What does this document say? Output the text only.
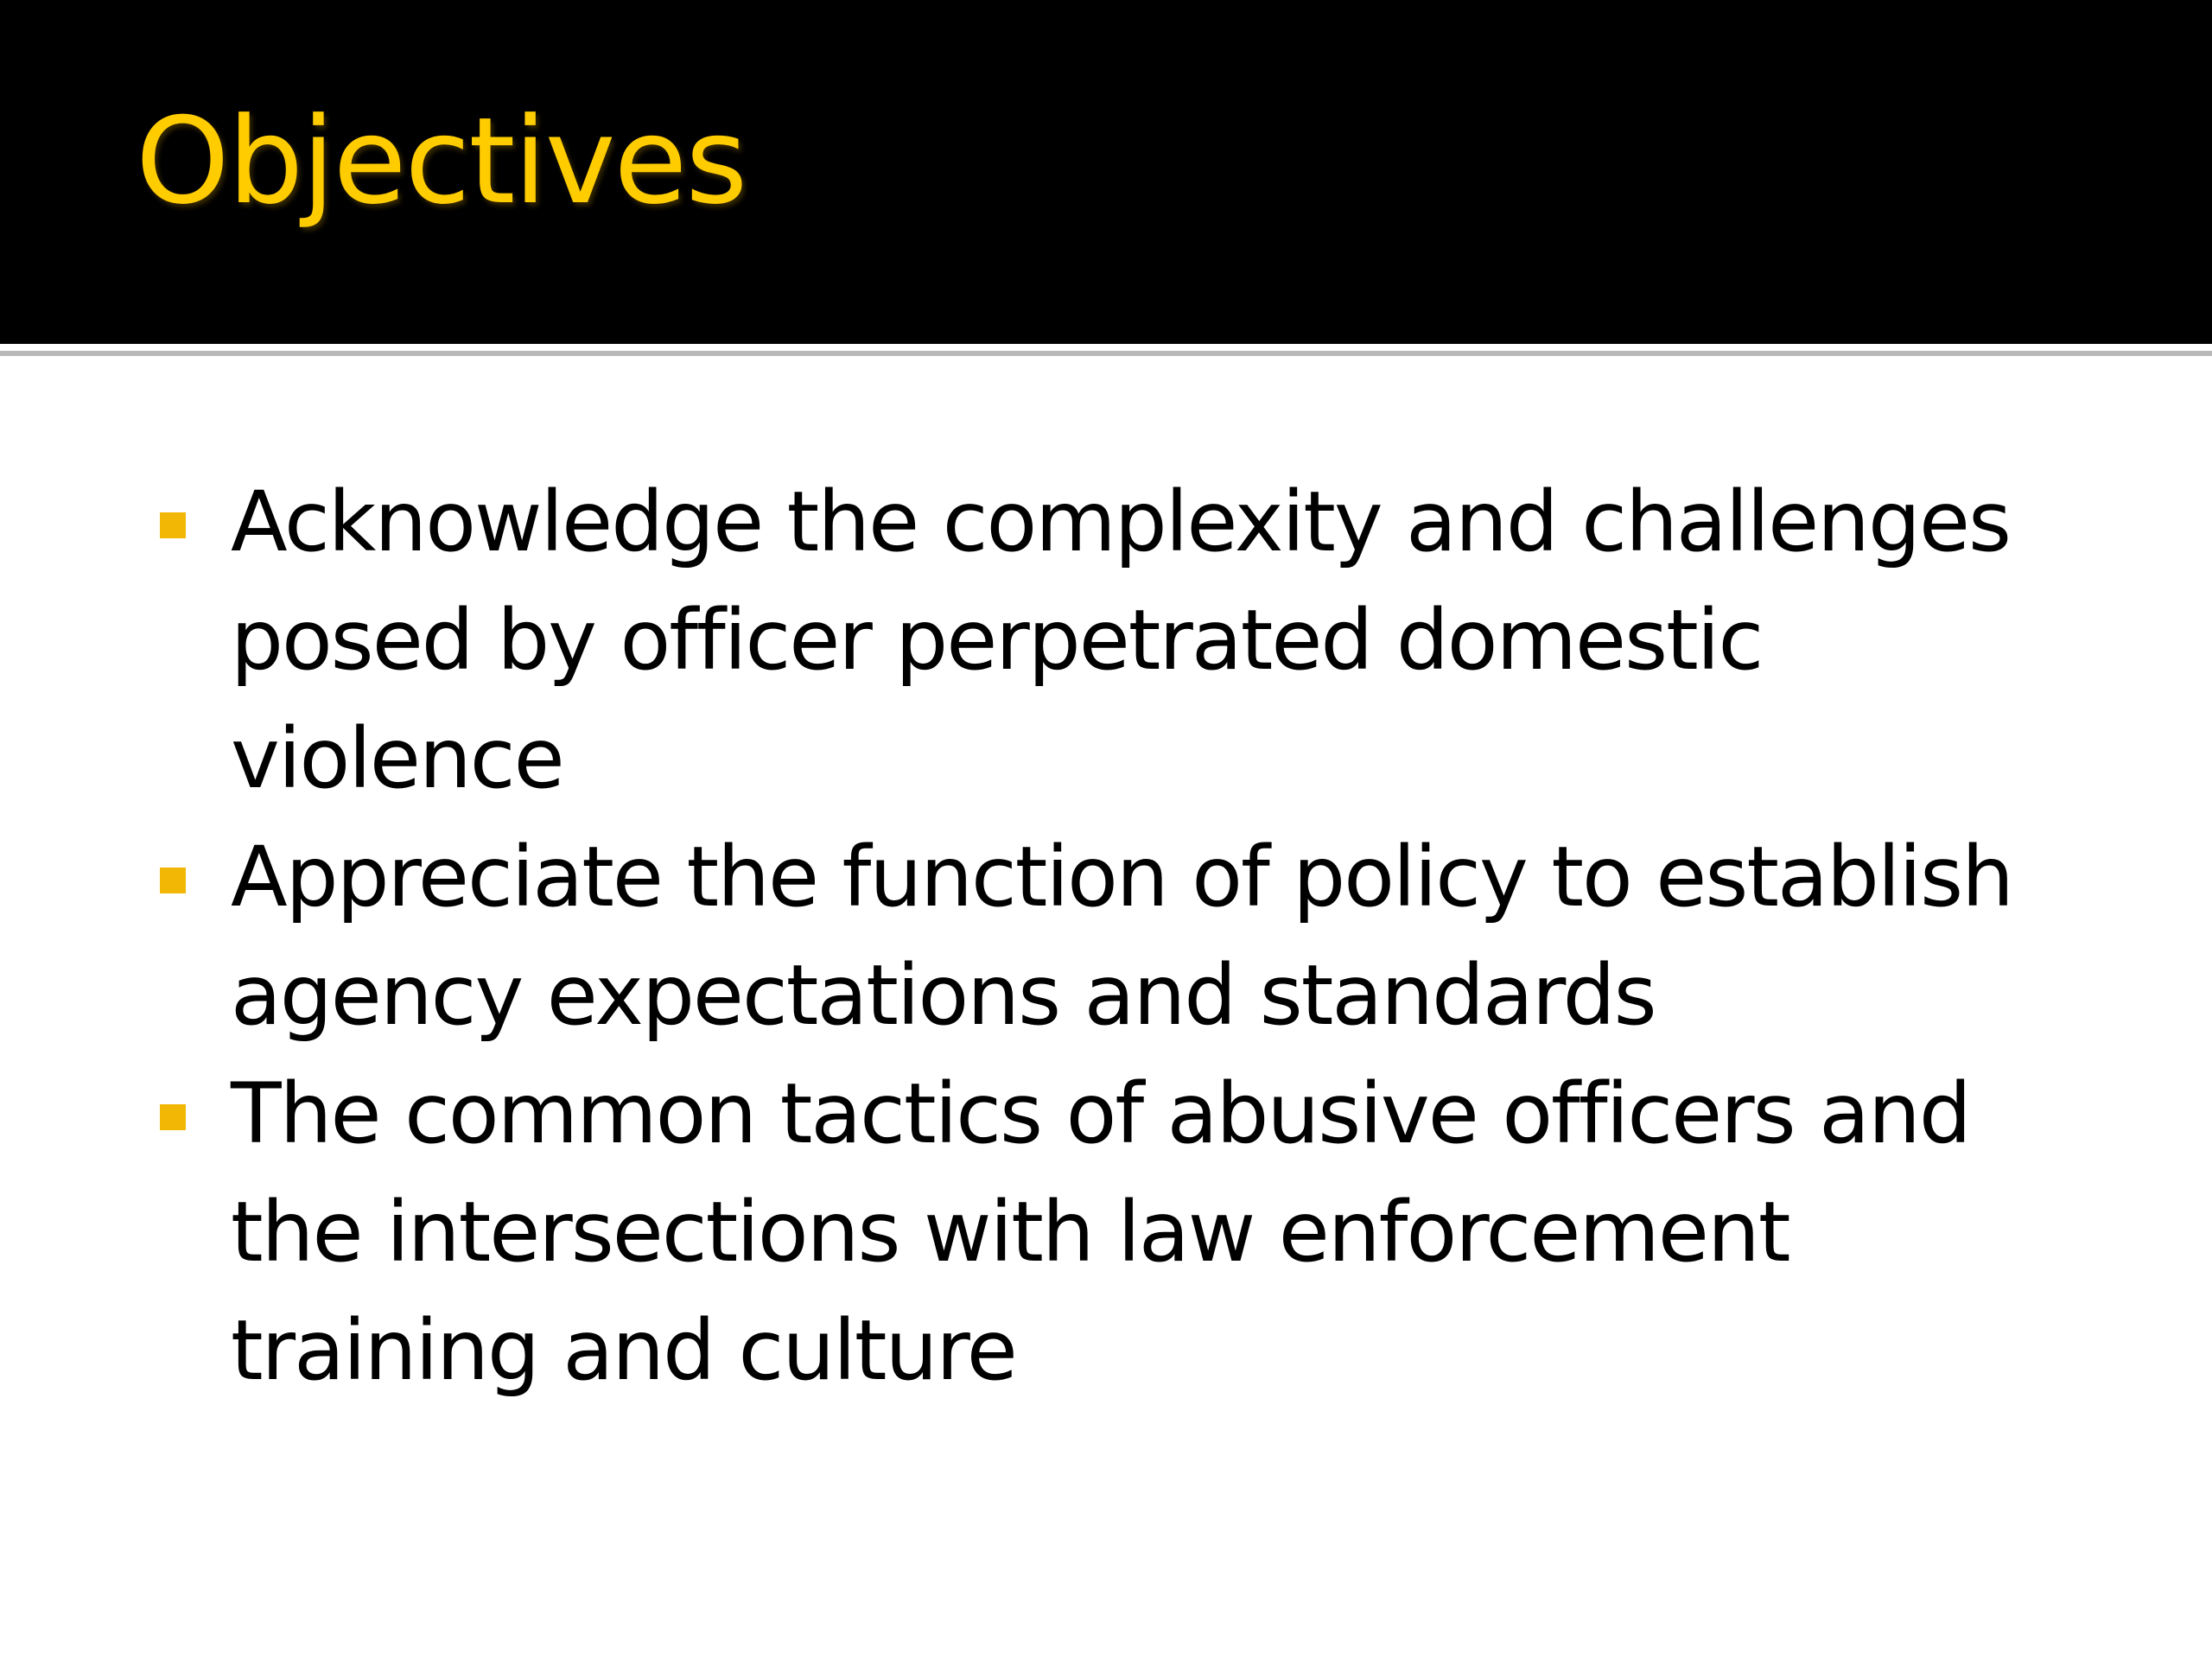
Objectives
Acknowledge the complexity and challenges posed by officer perpetrated domestic violence
Appreciate the function of policy to establish agency expectations and standards
The common tactics of abusive officers and the intersections with law enforcement training and culture
